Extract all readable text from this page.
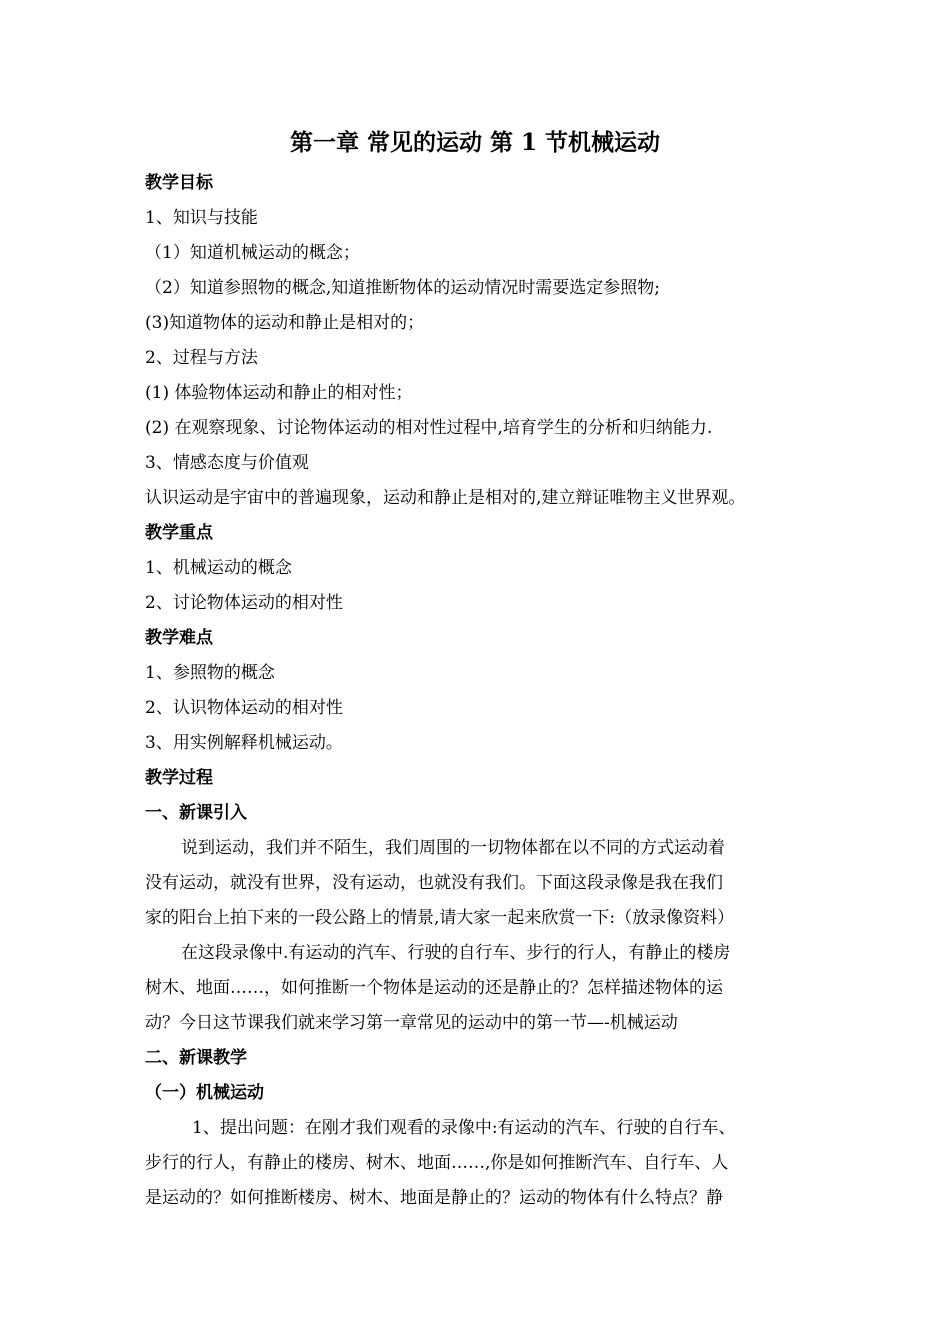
第一章 常见的运动 第 1 节机械运动
教学目标
1、知识与技能
（1）知道机械运动的概念；
（2）知道参照物的概念,知道推断物体的运动情况时需要选定参照物;
(3)知道物体的运动和静止是相对的；
2、过程与方法
(1) 体验物体运动和静止的相对性；
(2) 在观察现象、讨论物体运动的相对性过程中,培育学生的分析和归纳能力.
3、情感态度与价值观
认识运动是宇宙中的普遍现象，运动和静止是相对的,建立辩证唯物主义世界观。
教学重点
1、机械运动的概念
2、讨论物体运动的相对性
教学难点
1、参照物的概念
2、认识物体运动的相对性
3、用实例解释机械运动。
教学过程
一、新课引入
说到运动，我们并不陌生，我们周围的一切物体都在以不同的方式运动着
没有运动，就没有世界，没有运动，也就没有我们。下面这段录像是我在我们
家的阳台上拍下来的一段公路上的情景,请大家一起来欣赏一下:（放录像资料）
在这段录像中.有运动的汽车、行驶的自行车、步行的行人，有静止的楼房
树木、地面……，如何推断一个物体是运动的还是静止的？怎样描述物体的运
动？今日这节课我们就来学习第一章常见的运动中的第一节—-机械运动
二、新课教学
（一）机械运动
1、提出问题：在刚才我们观看的录像中:有运动的汽车、行驶的自行车、
步行的行人，有静止的楼房、树木、地面……,你是如何推断汽车、自行车、人
是运动的？如何推断楼房、树木、地面是静止的？运动的物体有什么特点？静
